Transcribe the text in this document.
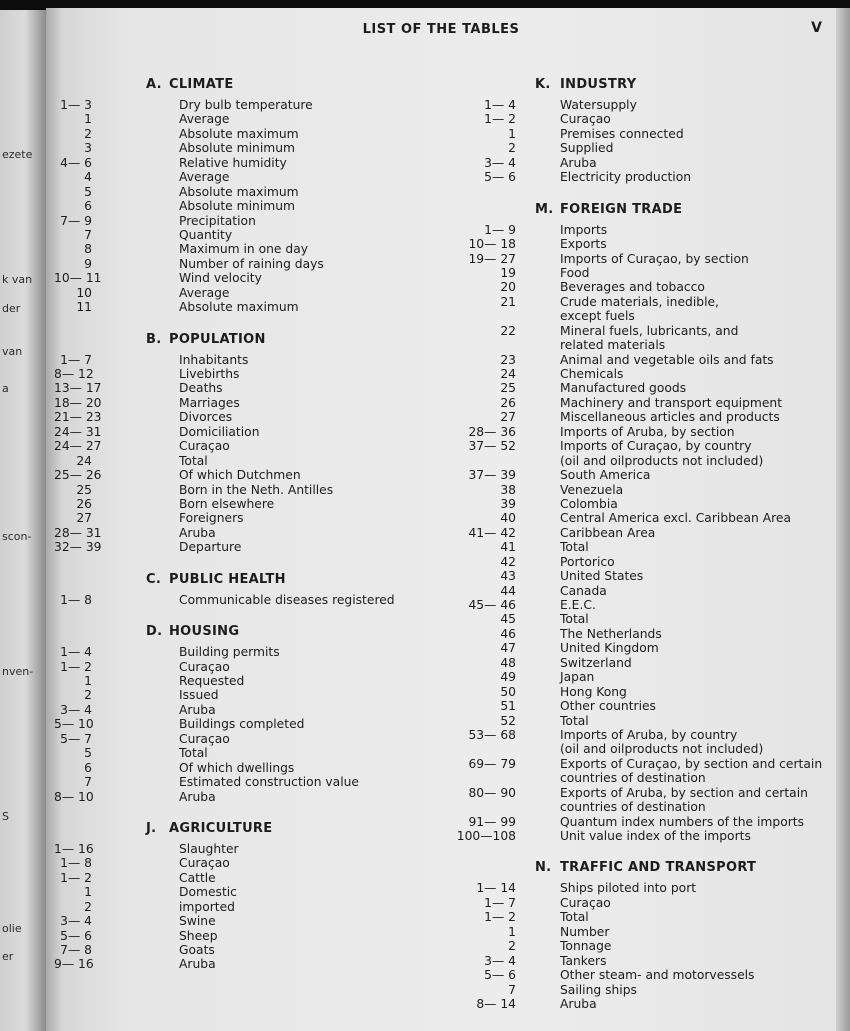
ezete
k van
der
van
a
scon-
nven-
S
olie
er
LIST OF THE TABLES	V
A. CLIMATE
1— 3	Dry bulb temperature
1	Average
2	Absolute maximum
3	Absolute minimum
4— 6	Relative humidity
4	Average
5	Absolute maximum
6	Absolute minimum
7— 9	Precipitation
7	Quantity
8	Maximum in one day
9	Number of raining days
10— 11	Wind velocity
10	Average
11	Absolute maximum
B. POPULATION
1— 7	Inhabitants
8— 12	Livebirths
13— 17	Deaths
18— 20	Marriages
21— 23	Divorces
24— 31	Domiciliation
24— 27	Curaçao
24	Total
25— 26	Of which Dutchmen
25	Born in the Neth. Antilles
26	Born elsewhere
27	Foreigners
28— 31	Aruba
32— 39	Departure
C. PUBLIC HEALTH
1— 8	Communicable diseases registered
D. HOUSING
1— 4	Building permits
1— 2	Curaçao
1	Requested
2	Issued
3— 4	Aruba
5— 10	Buildings completed
5— 7	Curaçao
5	Total
6	Of which dwellings
7	Estimated construction value
8— 10	Aruba
J. AGRICULTURE
1— 16	Slaughter
1— 8	Curaçao
1— 2	Cattle
1	Domestic
2	imported
3— 4	Swine
5— 6	Sheep
7— 8	Goats
9— 16	Aruba
K. INDUSTRY
1— 4	Watersupply
1— 2	Curaçao
1	Premises connected
2	Supplied
3— 4	Aruba
5— 6	Electricity production
M. FOREIGN TRADE
1— 9	Imports
10— 18	Exports
19— 27	Imports of Curaçao, by section
19	Food
20	Beverages and tobacco
21	Crude materials, inedible,
except fuels
22	Mineral fuels, lubricants, and
related materials
23	Animal and vegetable oils and fats
24	Chemicals
25	Manufactured goods
26	Machinery and transport equipment
27	Miscellaneous articles and products
28— 36	Imports of Aruba, by section
37— 52	Imports of Curaçao, by country
(oil and oilproducts not included)
37— 39	South America
38	Venezuela
39	Colombia
40	Central America excl. Caribbean Area
41— 42	Caribbean Area
41	Total
42	Portorico
43	United States
44	Canada
45— 46	E.E.C.
45	Total
46	The Netherlands
47	United Kingdom
48	Switzerland
49	Japan
50	Hong Kong
51	Other countries
52	Total
53— 68	Imports of Aruba, by country
(oil and oilproducts not included)
69— 79	Exports of Curaçao, by section and certain
countries of destination
80— 90	Exports of Aruba, by section and certain
countries of destination
91— 99	Quantum index numbers of the imports
100—108	Unit value index of the imports
N. TRAFFIC AND TRANSPORT
1— 14	Ships piloted into port
1— 7	Curaçao
1— 2	Total
1	Number
2	Tonnage
3— 4	Tankers
5— 6	Other steam- and motorvessels
7	Sailing ships
8— 14	Aruba
